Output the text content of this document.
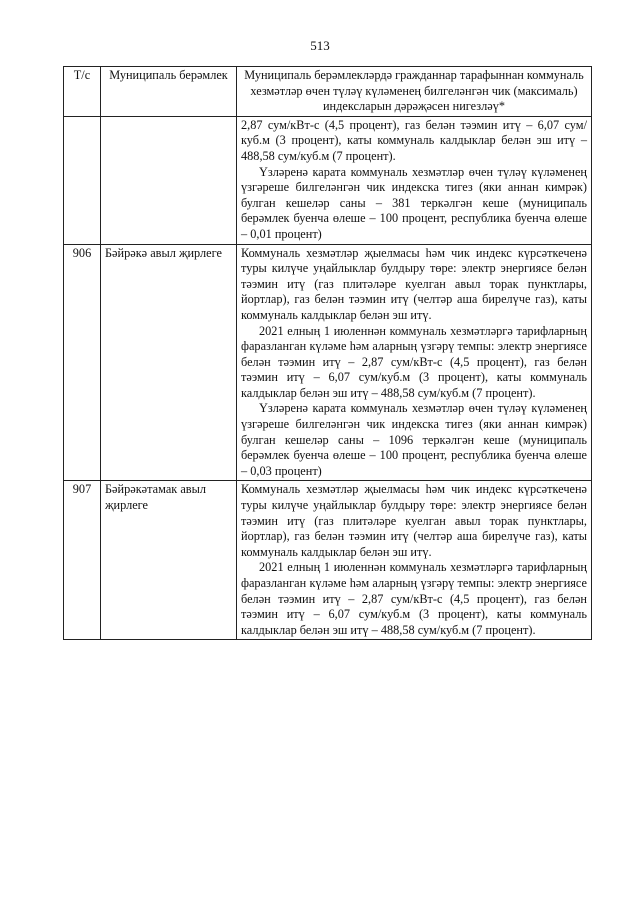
513
Т/с	Муниципаль берәмлек	Муниципаль берәмлекләрдә гражданнар тарафыннан коммуналь хезмәтләр өчен түләү күләменең билгеләнгән чик (максималь) индексларын дәрәҗәсен нигезләү*

		2,87 сум/кВт-с (4,5 процент), газ белән тәэмин итү – 6,07 сум/куб.м (3 процент), каты коммуналь калдыклар белән эш итү – 488,58 сум/куб.м (7 процент).

Үзләренә карата коммуналь хезмәтләр өчен түләү күләменең үзгәреше билгеләнгән чик индекска тигез (яки аннан кимрәк) булган кешеләр саны – 381 теркәлгән кеше (муниципаль берәмлек буенча өлеше – 100 процент, республика буенча өлеше – 0,01 процент)

906	Бәйрәкә авыл җирлеге	Коммуналь хезмәтләр җыелмасы һәм чик индекс күрсәткеченә туры килүче уңайлыклар булдыру төре: электр энергиясе белән тәэмин итү (газ плитәләре куелган авыл торак пунктлары, йортлар), газ белән тәэмин итү (челтәр аша бирелүче газ), каты коммуналь калдыклар белән эш итү.

2021 елның 1 июленнән коммуналь хезмәтләргә тарифларның фаразланган күләме һәм аларның үзгәрү темпы: электр энергиясе белән тәэмин итү – 2,87 сум/кВт-с (4,5 процент), газ белән тәэмин итү – 6,07 сум/куб.м (3 процент), каты коммуналь калдыклар белән эш итү – 488,58 сум/куб.м (7 процент).

Үзләренә карата коммуналь хезмәтләр өчен түләү күләменең үзгәреше билгеләнгән чик индекска тигез (яки аннан кимрәк) булган кешеләр саны – 1096 теркәлгән кеше (муниципаль берәмлек буенча өлеше – 100 процент, республика буенча өлеше – 0,03 процент)

907	Бәйрәкәтамак авыл җирлеге	Коммуналь хезмәтләр җыелмасы һәм чик индекс күрсәткеченә туры килүче уңайлыклар булдыру төре: электр энергиясе белән тәэмин итү (газ плитәләре куелган авыл торак пунктлары, йортлар), газ белән тәэмин итү (челтәр аша бирелүче газ), каты коммуналь калдыклар белән эш итү.

2021 елның 1 июленнән коммуналь хезмәтләргә тарифларның фаразланган күләме һәм аларның үзгәрү темпы: электр энергиясе белән тәэмин итү – 2,87 сум/кВт-с (4,5 процент), газ белән тәэмин итү – 6,07 сум/куб.м (3 процент), каты коммуналь калдыклар белән эш итү – 488,58 сум/куб.м (7 процент).
